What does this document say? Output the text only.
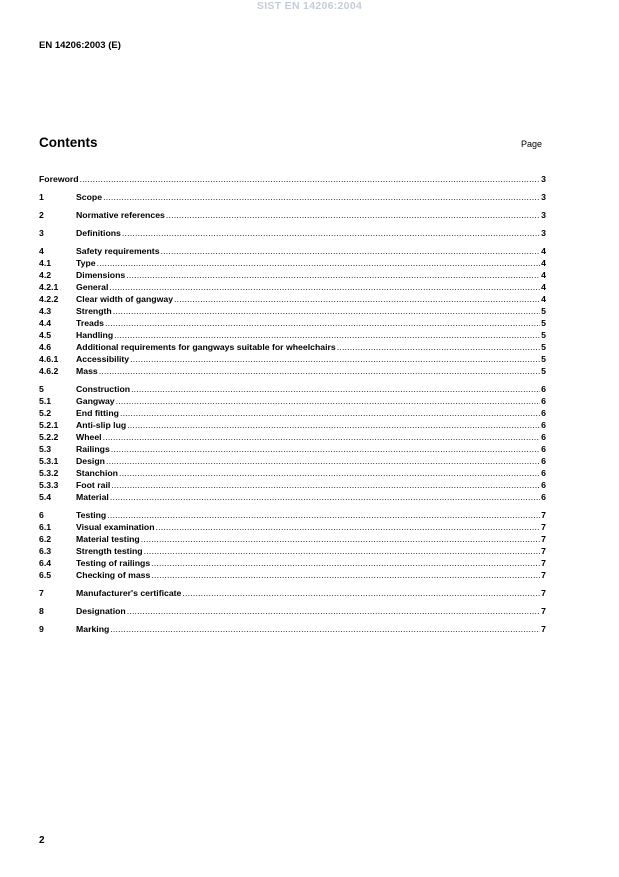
SIST EN 14206:2004
EN 14206:2003 (E)
Contents	Page
Foreword .....	3
1	Scope .....	3
2	Normative references .....	3
3	Definitions .....	3
4	Safety requirements .....	4
4.1	Type .....	4
4.2	Dimensions .....	4
4.2.1	General .....	4
4.2.2	Clear width of gangway .....	4
4.3	Strength .....	5
4.4	Treads .....	5
4.5	Handling .....	5
4.6	Additional requirements for gangways suitable for wheelchairs .....	5
4.6.1	Accessibility .....	5
4.6.2	Mass .....	5
5	Construction .....	6
5.1	Gangway .....	6
5.2	End fitting .....	6
5.2.1	Anti-slip lug .....	6
5.2.2	Wheel .....	6
5.3	Railings .....	6
5.3.1	Design .....	6
5.3.2	Stanchion .....	6
5.3.3	Foot rail .....	6
5.4	Material .....	6
6	Testing .....	7
6.1	Visual examination .....	7
6.2	Material testing .....	7
6.3	Strength testing .....	7
6.4	Testing of railings .....	7
6.5	Checking of mass .....	7
7	Manufacturer's certificate .....	7
8	Designation .....	7
9	Marking .....	7
2
